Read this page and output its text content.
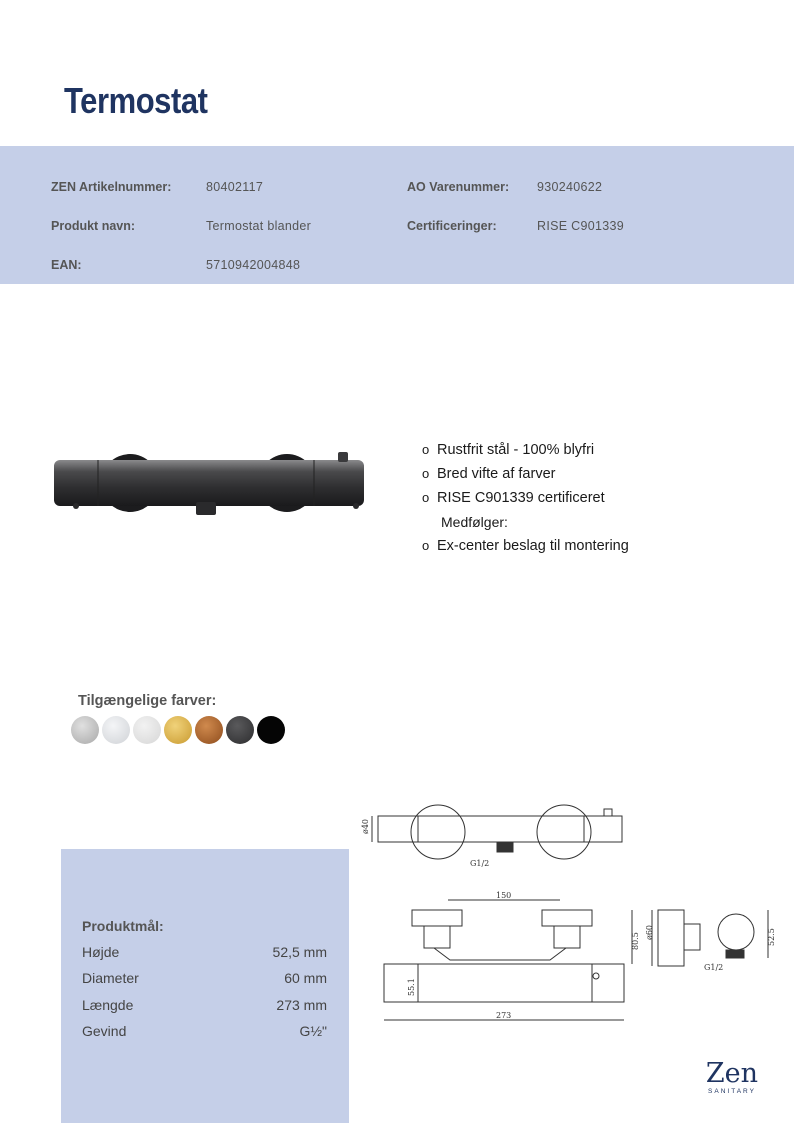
Termostat
ZEN Artikelnummer:	80402117
Produkt navn:	Termostat blander
EAN:	5710942004848
AO Varenummer: 930240622
Certificeringer:	RISE C901339
o Rustfrit stål - 100% blyfri
o Bred vifte af farver
o RISE C901339 certificeret
Medfølger:
o Ex-center beslag til montering
Tilgængelige farver:
Produktmål:
Højde	52,5 mm
Diameter	60 mm
Længde	273 mm
Gevind	G½"
ø40
G1/2
150
80.5
55.1
273
ø60	52.5
G1/2
Zen
SANITARY
